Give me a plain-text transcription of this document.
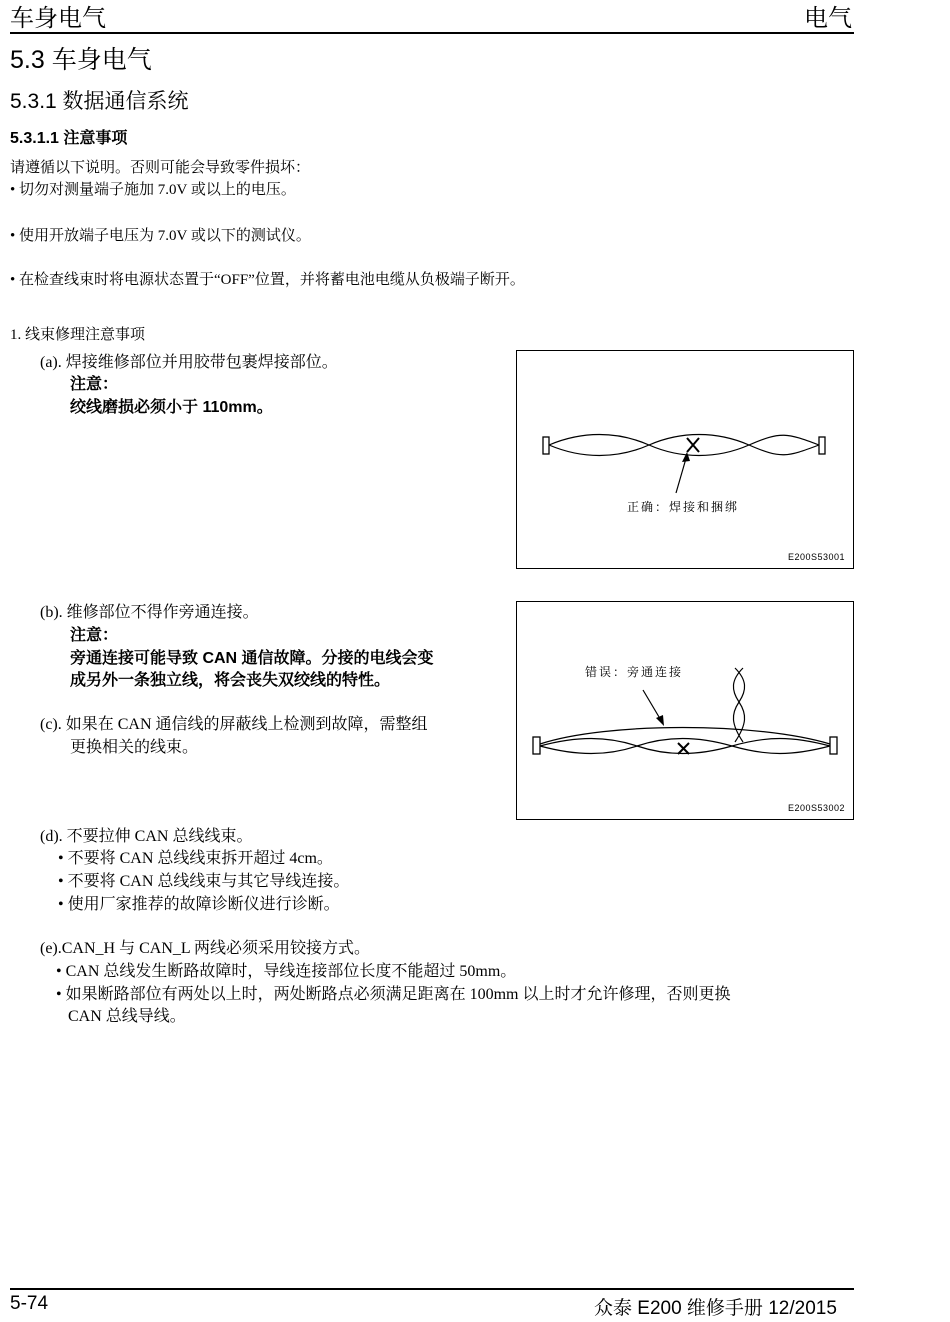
车身电气	电气
5.3 车身电气
5.3.1 数据通信系统
5.3.1.1 注意事项
请遵循以下说明。否则可能会导致零件损坏：
• 切勿对测量端子施加 7.0V 或以上的电压。
• 使用开放端子电压为 7.0V 或以下的测试仪。
• 在检查线束时将电源状态置于“OFF”位置，并将蓄电池电缆从负极端子断开。
1. 线束修理注意事项
(a). 焊接维修部位并用胶带包裹焊接部位。
注意：
绞线磨损必须小于 110mm。
正确：焊接和捆绑
E200S53001
(b). 维修部位不得作旁通连接。
注意：
旁通连接可能导致 CAN 通信故障。分接的电线会变
成另外一条独立线，将会丧失双绞线的特性。
(c). 如果在 CAN 通信线的屏蔽线上检测到故障，需整组
更换相关的线束。
错误：旁通连接
E200S53002
(d). 不要拉伸 CAN 总线线束。
• 不要将 CAN 总线线束拆开超过 4cm。
• 不要将 CAN 总线线束与其它导线连接。
• 使用厂家推荐的故障诊断仪进行诊断。
(e).CAN_H 与 CAN_L 两线必须采用铰接方式。
• CAN 总线发生断路故障时，导线连接部位长度不能超过 50mm。
• 如果断路部位有两处以上时，两处断路点必须满足距离在 100mm 以上时才允许修理，否则更换
CAN 总线导线。
5-74	众泰 E200 维修手册 12/2015
